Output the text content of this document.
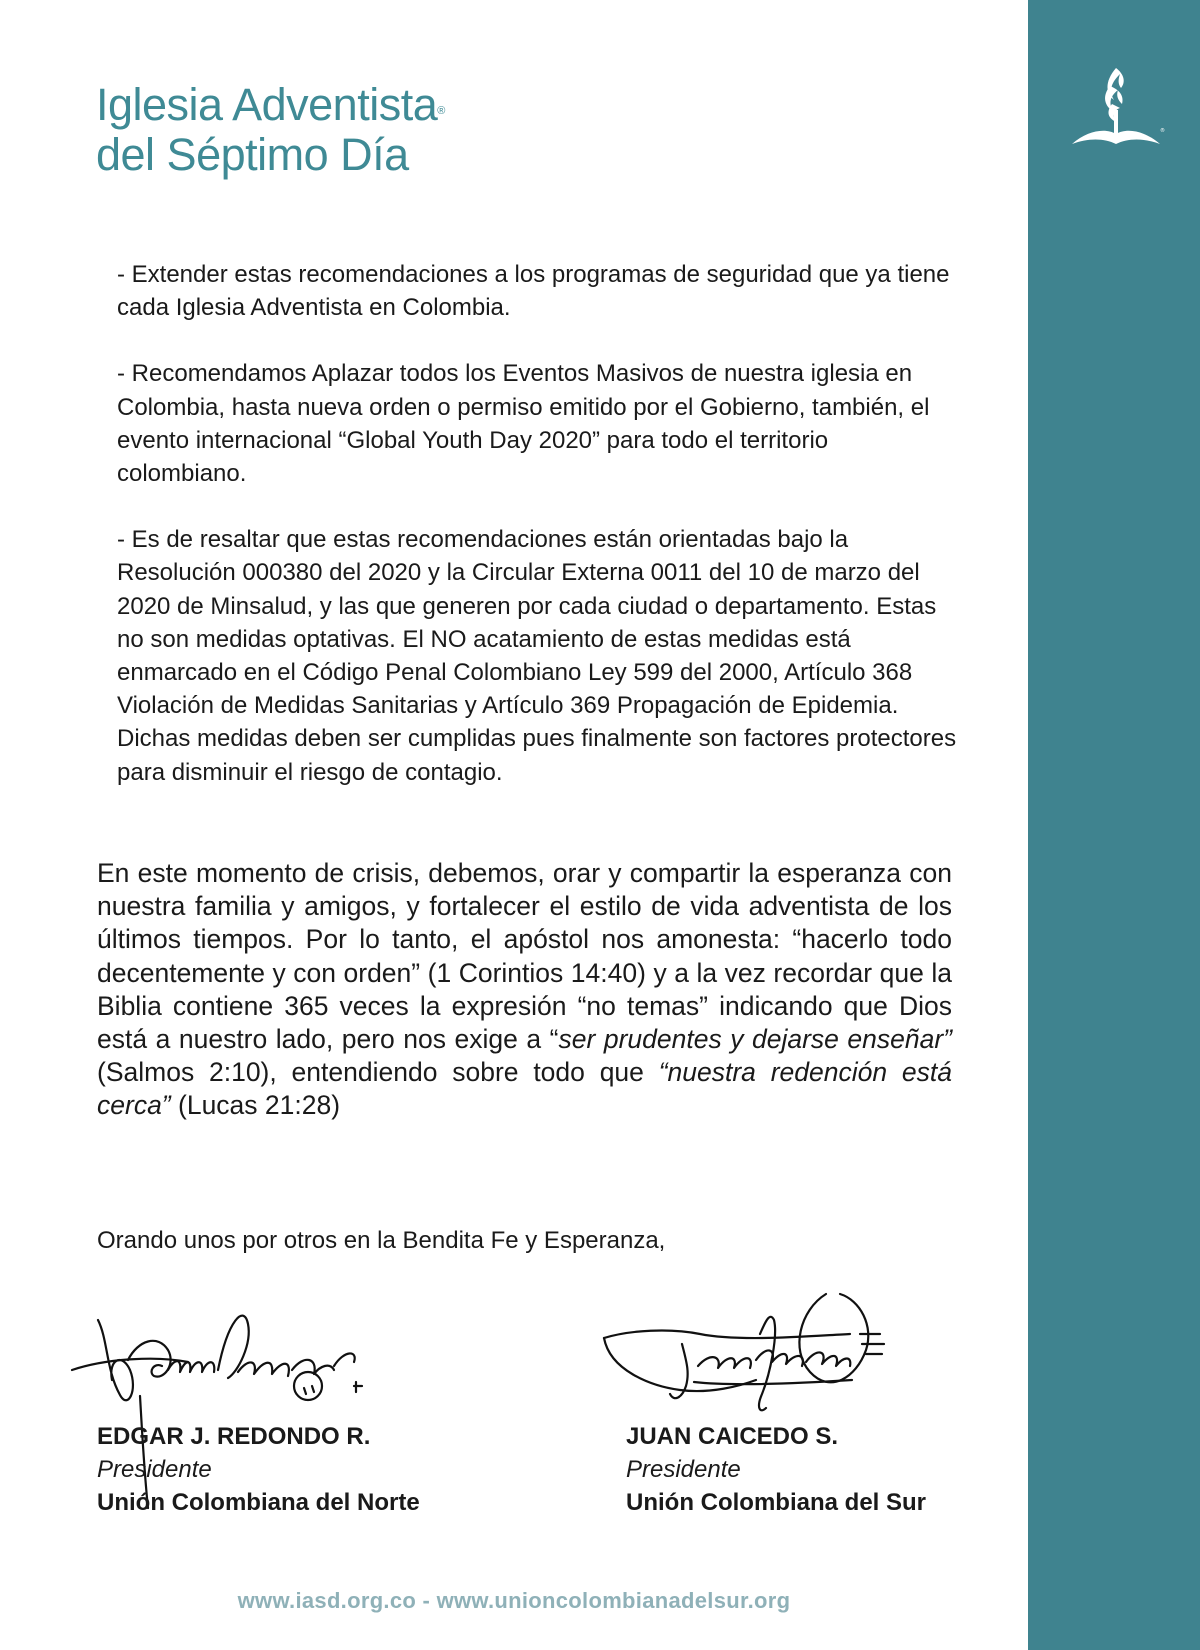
®
Iglesia Adventista®
del Séptimo Día

- Extender estas recomendaciones a los programas de seguridad que ya tiene cada Iglesia Adventista en Colombia.

- Recomendamos Aplazar todos los Eventos Masivos de nuestra iglesia en Colombia, hasta nueva orden o permiso emitido por el Gobierno, también, el evento internacional “Global Youth Day 2020” para todo el territorio colombiano.

- Es de resaltar que estas recomendaciones están orientadas bajo la Resolución 000380 del 2020 y la Circular Externa 0011 del 10 de marzo del 2020 de Minsalud, y las que generen por cada ciudad o departamento. Estas no son medidas optativas. El NO acatamiento de estas medidas está enmarcado en el Código Penal Colombiano Ley 599 del 2000, Artículo 368 Violación de Medidas Sanitarias y Artículo 369 Propagación de Epidemia. Dichas medidas deben ser cumplidas pues finalmente son factores protectores para disminuir el riesgo de contagio.

En este momento de crisis, debemos, orar y compartir la esperanza con nuestra familia y amigos, y fortalecer el estilo de vida adventista de los últimos tiempos. Por lo tanto, el apóstol nos amonesta: “hacerlo todo decentemente y con orden” (1 Corintios 14:40) y a la vez recordar que la Biblia contiene 365 veces la expresión “no temas” indicando que Dios está a nuestro lado, pero nos exige a “ser prudentes y dejarse enseñar” (Salmos 2:10), entendiendo sobre todo que “nuestra redención está cerca” (Lucas 21:28)
Orando unos por otros en la Bendita Fe y Esperanza,
EDGAR J. REDONDO R.
Presidente
Unión Colombiana del Norte
JUAN CAICEDO S.
Presidente
Unión Colombiana del Sur
www.iasd.org.co - www.unioncolombianadelsur.org
